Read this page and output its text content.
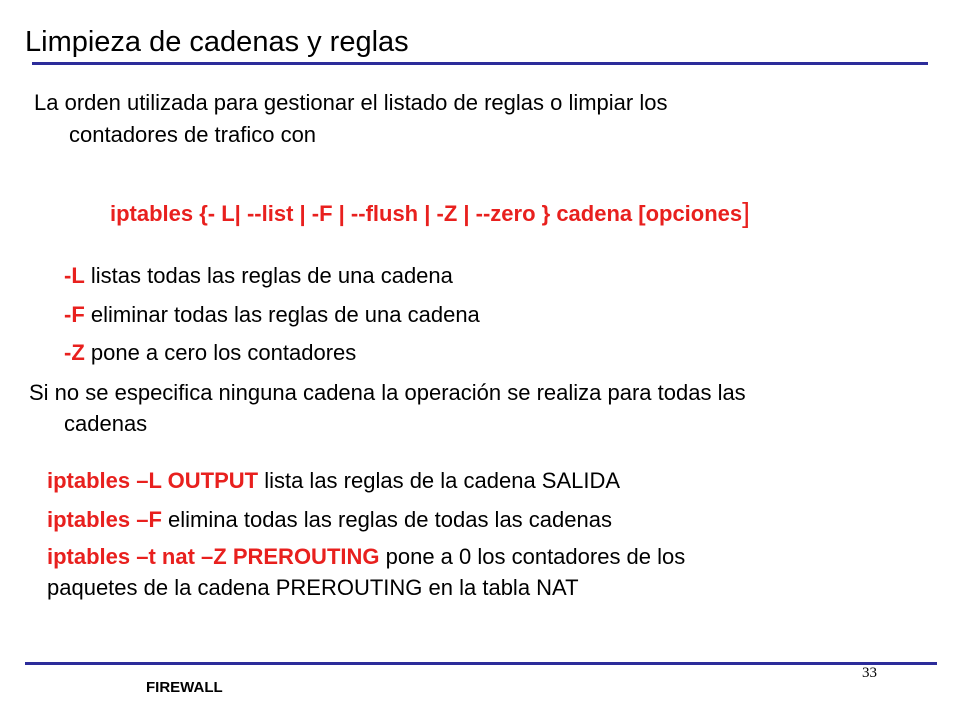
Limpieza de cadenas y reglas
La orden utilizada para gestionar el listado de reglas o limpiar los
contadores de trafico con
iptables {- L| --list | -F | --flush | -Z | --zero } cadena [opciones]
-L listas todas las reglas de una cadena
-F eliminar todas las reglas de una cadena
-Z pone a cero los contadores
Si no se especifica ninguna cadena la operación se realiza para todas las
cadenas
iptables –L OUTPUT lista las reglas de la cadena SALIDA
iptables –F elimina todas las reglas de todas las cadenas
iptables –t nat –Z PREROUTING pone a 0 los contadores de los
paquetes de la cadena PREROUTING en la tabla NAT
33
FIREWALL
